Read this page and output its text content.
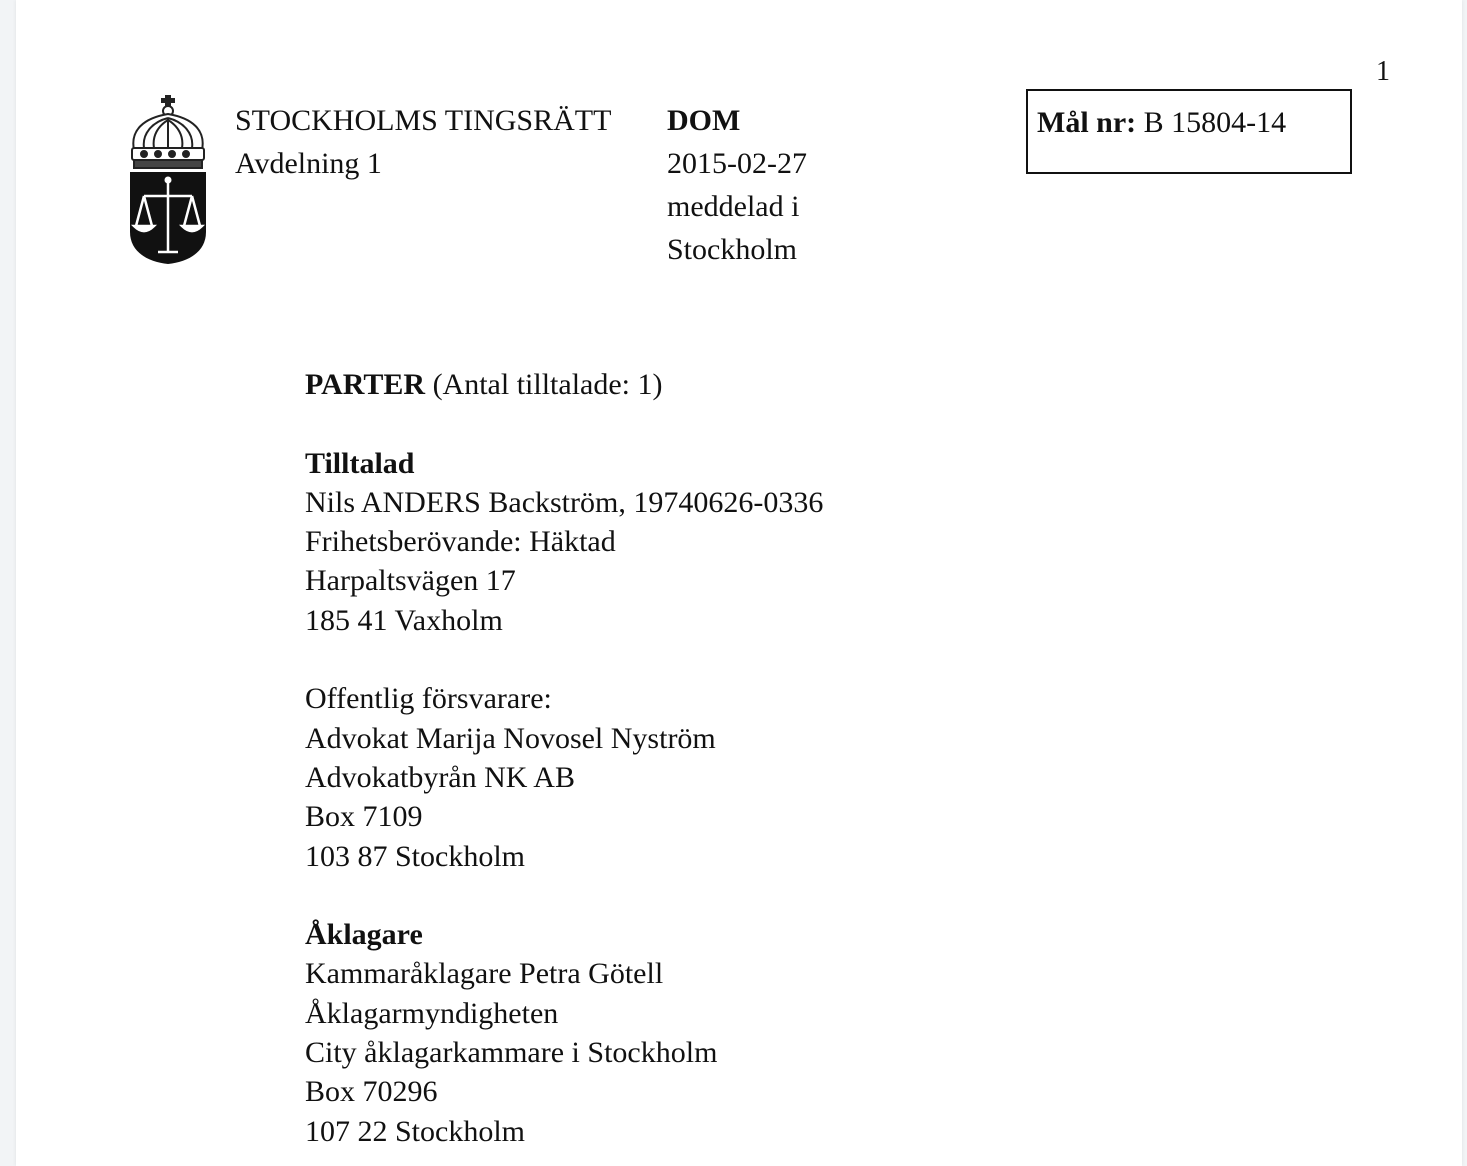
1
STOCKHOLMS TINGSRÄTT
Avdelning 1
DOM
2015-02-27
meddelad i
Stockholm
Mål nr: B 15804-14
PARTER (Antal tilltalade: 1)
Tilltalad
Nils ANDERS Backström, 19740626-0336
Frihetsberövande: Häktad
Harpaltsvägen 17
185 41 Vaxholm
Offentlig försvarare:
Advokat Marija Novosel Nyström
Advokatbyrån NK AB
Box 7109
103 87 Stockholm
Åklagare
Kammaråklagare Petra Götell
Åklagarmyndigheten
City åklagarkammare i Stockholm
Box 70296
107 22 Stockholm
